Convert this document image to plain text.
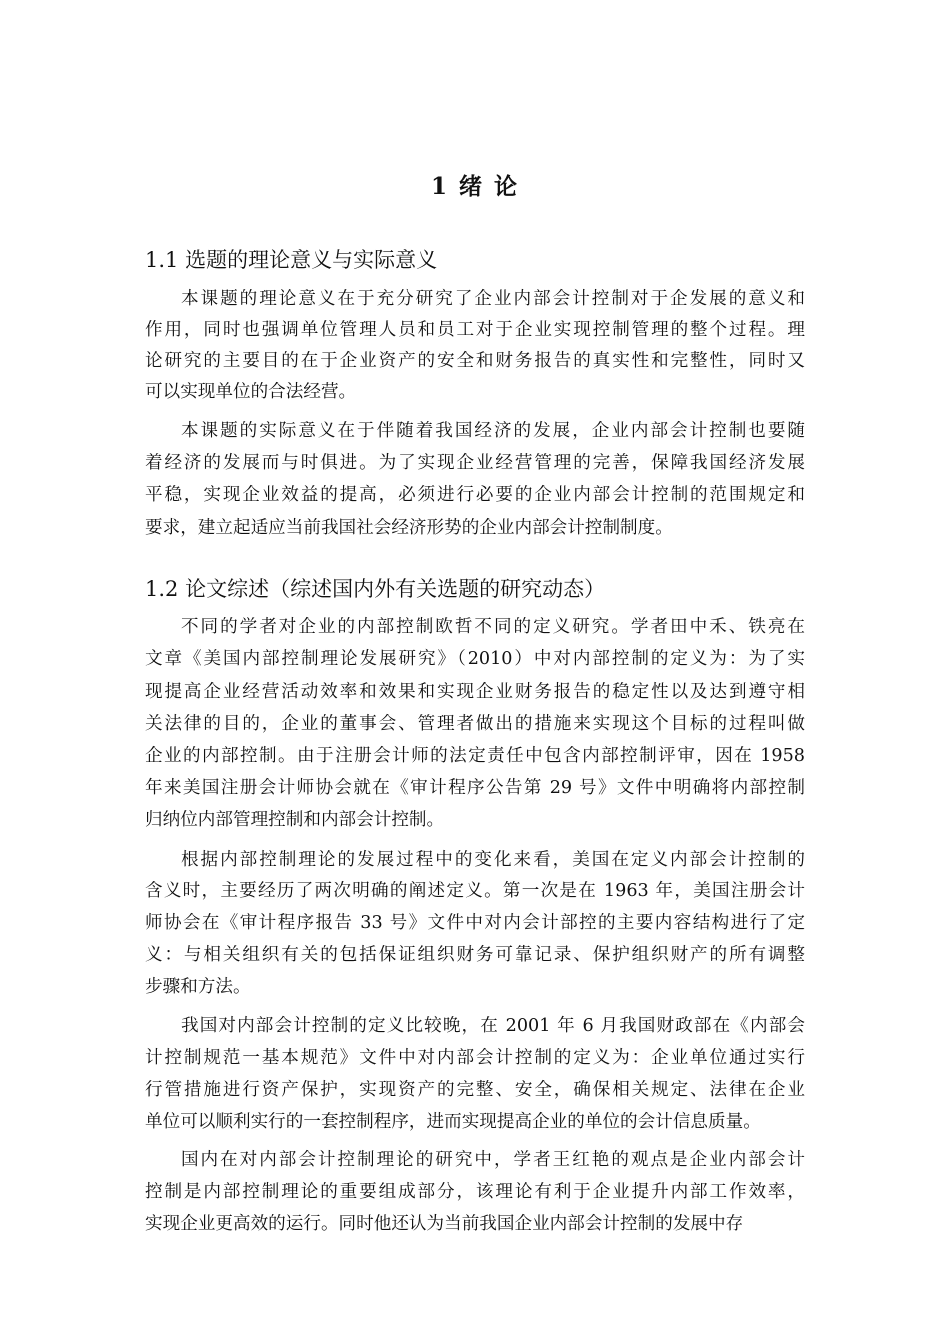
1 绪 论
1.1 选题的理论意义与实际意义
本课题的理论意义在于充分研究了企业内部会计控制对于企发展的意义和
作用，同时也强调单位管理人员和员工对于企业实现控制管理的整个过程。理
论研究的主要目的在于企业资产的安全和财务报告的真实性和完整性，同时又
可以实现单位的合法经营。
本课题的实际意义在于伴随着我国经济的发展，企业内部会计控制也要随
着经济的发展而与时俱进。为了实现企业经营管理的完善，保障我国经济发展
平稳，实现企业效益的提高，必须进行必要的企业内部会计控制的范围规定和
要求，建立起适应当前我国社会经济形势的企业内部会计控制制度。
1.2 论文综述（综述国内外有关选题的研究动态）
不同的学者对企业的内部控制欧哲不同的定义研究。学者田中禾、铁亮在
文章《美国内部控制理论发展研究》（2010）中对内部控制的定义为：为了实
现提高企业经营活动效率和效果和实现企业财务报告的稳定性以及达到遵守相
关法律的目的，企业的董事会、管理者做出的措施来实现这个目标的过程叫做
企业的内部控制。由于注册会计师的法定责任中包含内部控制评审，因在 1958
年来美国注册会计师协会就在《审计程序公告第 29 号》文件中明确将内部控制
归纳位内部管理控制和内部会计控制。
根据内部控制理论的发展过程中的变化来看，美国在定义内部会计控制的
含义时，主要经历了两次明确的阐述定义。第一次是在 1963 年，美国注册会计
师协会在《审计程序报告 33 号》文件中对内会计部控的主要内容结构进行了定
义：与相关组织有关的包括保证组织财务可靠记录、保护组织财产的所有调整
步骤和方法。
我国对内部会计控制的定义比较晚，在 2001 年 6 月我国财政部在《内部会
计控制规范一基本规范》文件中对内部会计控制的定义为：企业单位通过实行
行管措施进行资产保护，实现资产的完整、安全，确保相关规定、法律在企业
单位可以顺利实行的一套控制程序，进而实现提高企业的单位的会计信息质量。
国内在对内部会计控制理论的研究中，学者王红艳的观点是企业内部会计
控制是内部控制理论的重要组成部分，该理论有利于企业提升内部工作效率，
实现企业更高效的运行。同时他还认为当前我国企业内部会计控制的发展中存
